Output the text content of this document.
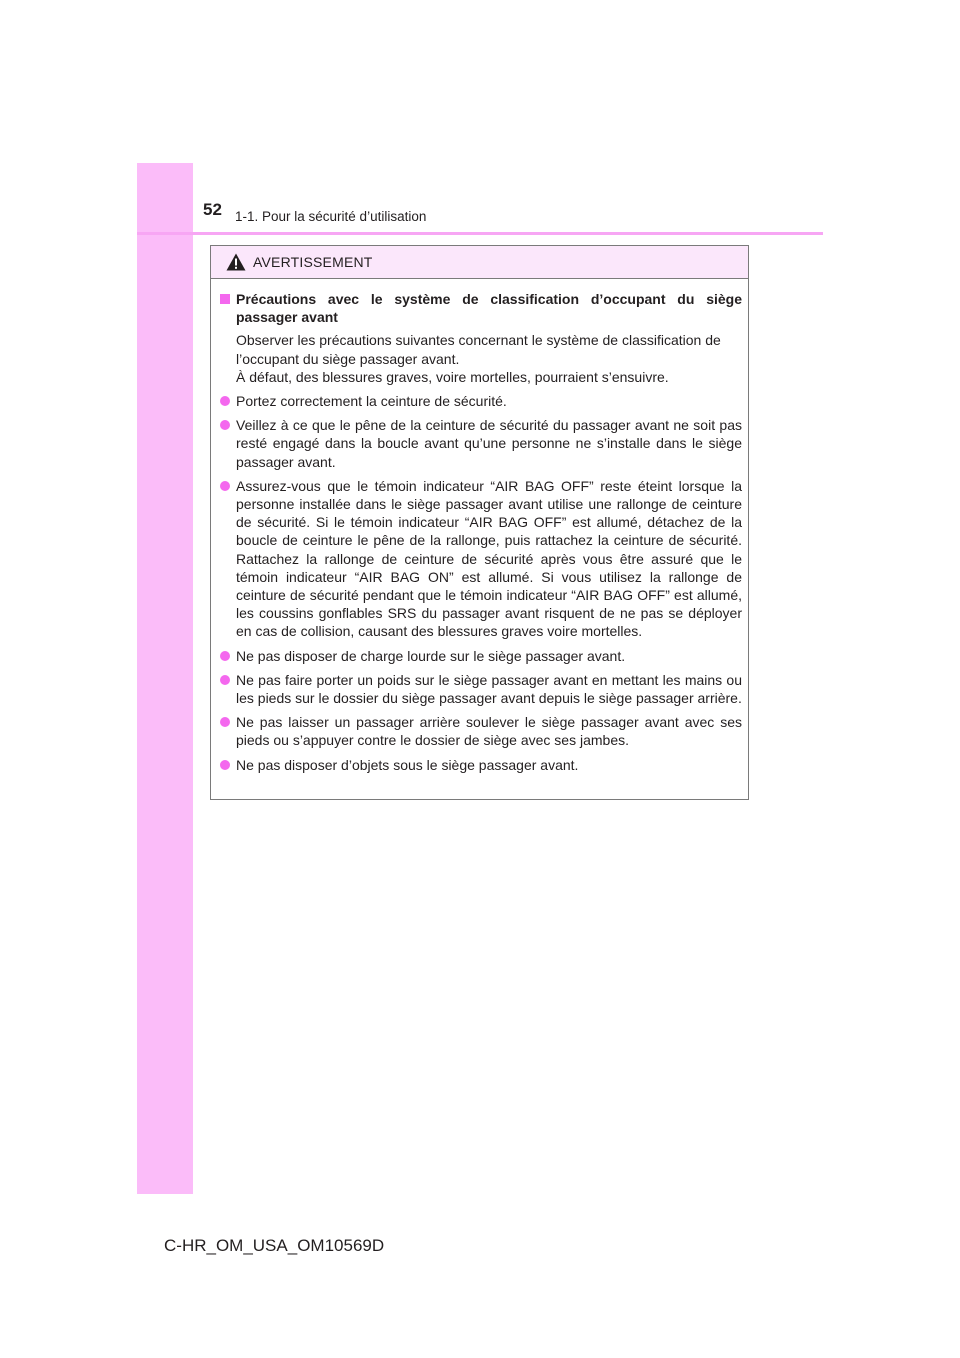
52 1-1. Pour la sécurité d’utilisation
AVERTISSEMENT
Précautions avec le système de classification d’occupant du siège passager avant
Observer les précautions suivantes concernant le système de classification de l’occupant du siège passager avant.
À défaut, des blessures graves, voire mortelles, pourraient s’ensuivre.
Portez correctement la ceinture de sécurité.
Veillez à ce que le pêne de la ceinture de sécurité du passager avant ne soit pas resté engagé dans la boucle avant qu’une personne ne s’installe dans le siège passager avant.
Assurez-vous que le témoin indicateur “AIR BAG OFF” reste éteint lorsque la personne installée dans le siège passager avant utilise une rallonge de ceinture de sécurité. Si le témoin indicateur “AIR BAG OFF” est allumé, détachez de la boucle de ceinture le pêne de la rallonge, puis rattachez la ceinture de sécurité. Rattachez la rallonge de ceinture de sécurité après vous être assuré que le témoin indicateur “AIR BAG ON” est allumé. Si vous utilisez la rallonge de ceinture de sécurité pendant que le témoin indicateur “AIR BAG OFF” est allumé, les coussins gonflables SRS du passager avant risquent de ne pas se déployer en cas de collision, causant des blessures graves voire mortelles.
Ne pas disposer de charge lourde sur le siège passager avant.
Ne pas faire porter un poids sur le siège passager avant en mettant les mains ou les pieds sur le dossier du siège passager avant depuis le siège passager arrière.
Ne pas laisser un passager arrière soulever le siège passager avant avec ses pieds ou s’appuyer contre le dossier de siège avec ses jambes.
Ne pas disposer d’objets sous le siège passager avant.
C-HR_OM_USA_OM10569D
